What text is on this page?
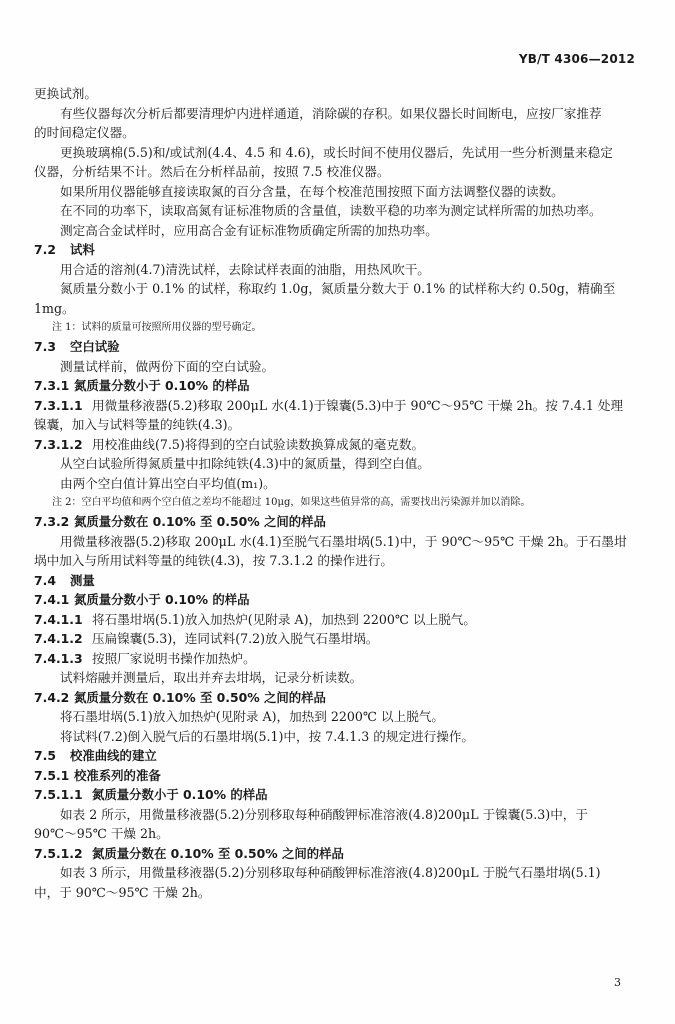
YB/T 4306—2012
更换试剂。
有些仪器每次分析后都要清理炉内进样通道，消除碳的存积。如果仪器长时间断电，应按厂家推荐
的时间稳定仪器。
更换玻璃棉(5.5)和/或试剂(4.4、4.5 和 4.6)，或长时间不使用仪器后，先试用一些分析测量来稳定
仪器，分析结果不计。然后在分析样品前，按照 7.5 校准仪器。
如果所用仪器能够直接读取氮的百分含量，在每个校准范围按照下面方法调整仪器的读数。
在不同的功率下，读取高氮有证标准物质的含量值，读数平稳的功率为测定试样所需的加热功率。
测定高合金试样时，应用高合金有证标准物质确定所需的加热功率。
7.2 试料
用合适的溶剂(4.7)清洗试样，去除试样表面的油脂，用热风吹干。
氮质量分数小于 0.1% 的试样，称取约 1.0g，氮质量分数大于 0.1% 的试样称大约 0.50g，精确至
1mg。
注 1：试料的质量可按照所用仪器的型号确定。
7.3 空白试验
测量试样前，做两份下面的空白试验。
7.3.1 氮质量分数小于 0.10% 的样品
7.3.1.1 用微量移液器(5.2)移取 200μL 水(4.1)于镍囊(5.3)中于 90℃～95℃ 干燥 2h。按 7.4.1 处理
镍囊，加入与试料等量的纯铁(4.3)。
7.3.1.2 用校准曲线(7.5)将得到的空白试验读数换算成氮的毫克数。
从空白试验所得氮质量中扣除纯铁(4.3)中的氮质量，得到空白值。
由两个空白值计算出空白平均值(m₁)。
注 2：空白平均值和两个空白值之差均不能超过 10μg，如果这些值异常的高，需要找出污染源并加以消除。
7.3.2 氮质量分数在 0.10% 至 0.50% 之间的样品
用微量移液器(5.2)移取 200μL 水(4.1)至脱气石墨坩埚(5.1)中，于 90℃～95℃ 干燥 2h。于石墨坩
埚中加入与所用试料等量的纯铁(4.3)，按 7.3.1.2 的操作进行。
7.4 测量
7.4.1 氮质量分数小于 0.10% 的样品
7.4.1.1 将石墨坩埚(5.1)放入加热炉(见附录 A)，加热到 2200℃ 以上脱气。
7.4.1.2 压扁镍囊(5.3)，连同试料(7.2)放入脱气石墨坩埚。
7.4.1.3 按照厂家说明书操作加热炉。
试料熔融并测量后，取出并弃去坩埚，记录分析读数。
7.4.2 氮质量分数在 0.10% 至 0.50% 之间的样品
将石墨坩埚(5.1)放入加热炉(见附录 A)，加热到 2200℃ 以上脱气。
将试料(7.2)倒入脱气后的石墨坩埚(5.1)中，按 7.4.1.3 的规定进行操作。
7.5 校准曲线的建立
7.5.1 校准系列的准备
7.5.1.1 氮质量分数小于 0.10% 的样品
如表 2 所示，用微量移液器(5.2)分别移取每种硝酸钾标准溶液(4.8)200μL 于镍囊(5.3)中，于
90℃～95℃ 干燥 2h。
7.5.1.2 氮质量分数在 0.10% 至 0.50% 之间的样品
如表 3 所示，用微量移液器(5.2)分别移取每种硝酸钾标准溶液(4.8)200μL 于脱气石墨坩埚(5.1)
中，于 90℃～95℃ 干燥 2h。
3
